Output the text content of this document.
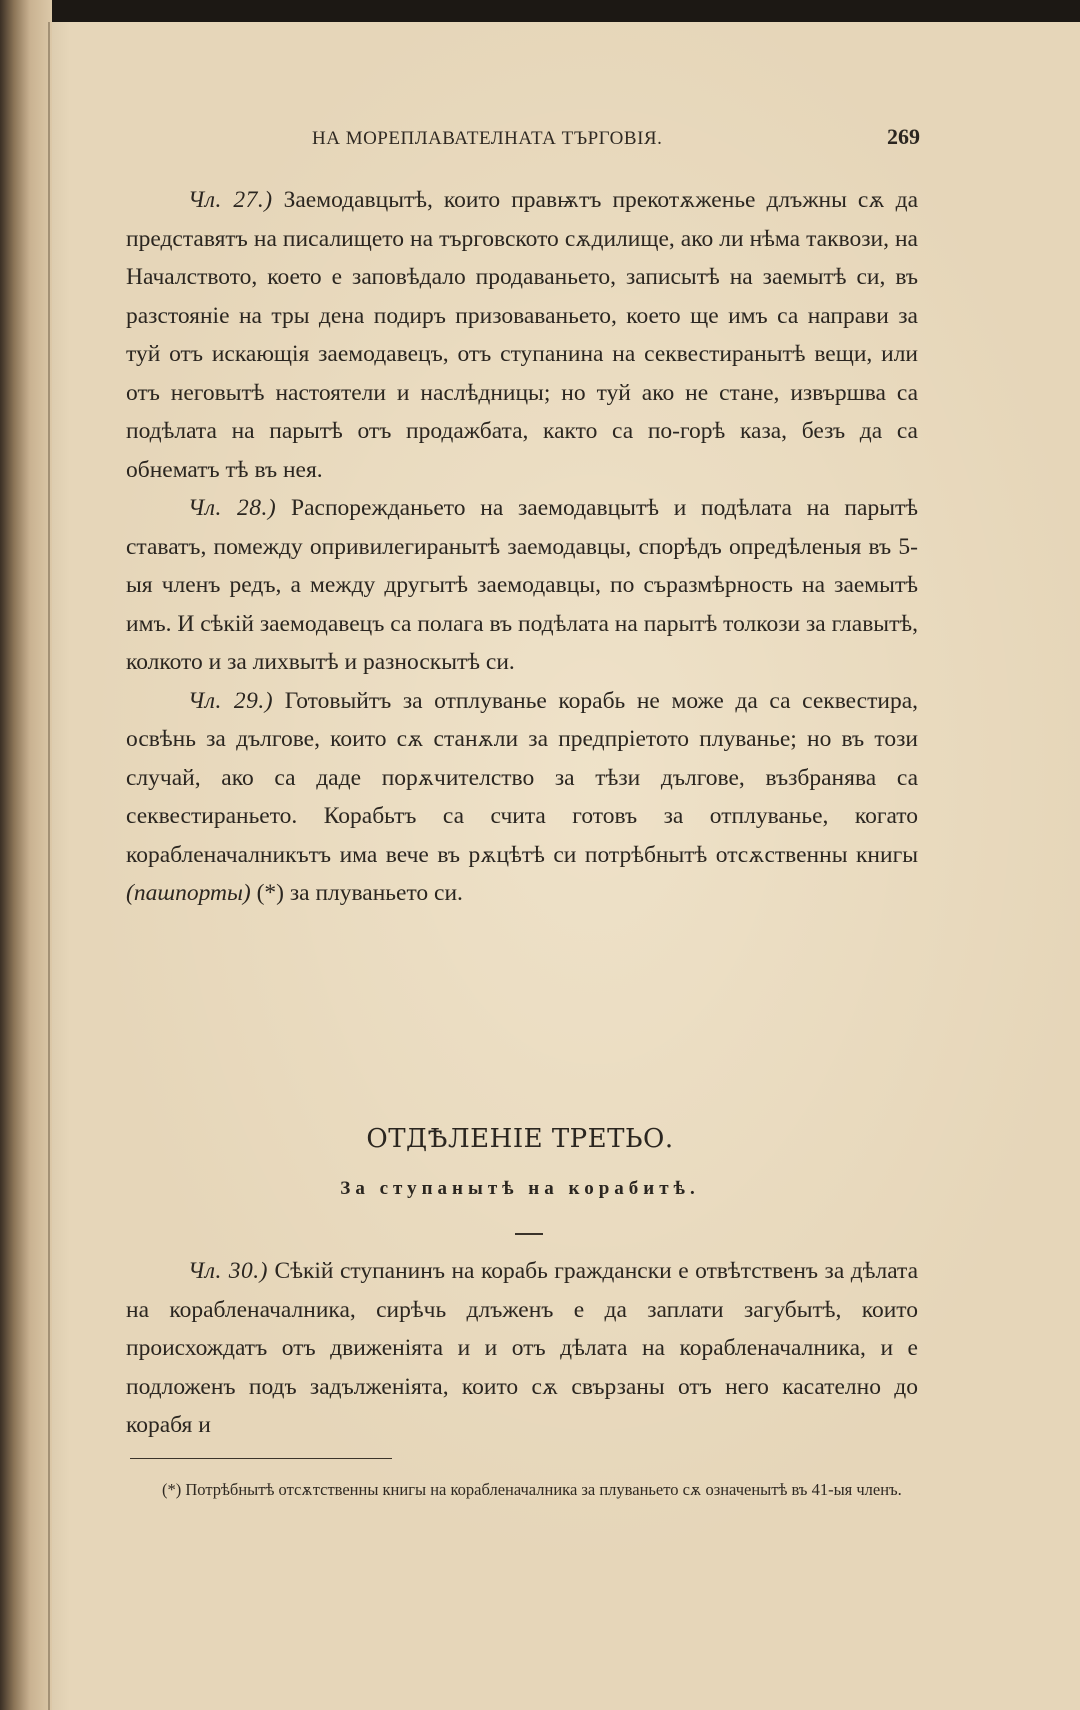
НА МОРЕПЛАВАТЕЛНАТА ТЪРГОВІЯ.	269

Чл. 27.) Заемодавцытѣ, които правѭтъ прекотѫженье длъжны сѫ да представятъ на писалището на търговското сѫдилище, ако ли нѣма таквози, на Началството, което е заповѣдало продаваньето, записытѣ на заемытѣ си, въ разстояніе на тры дена подиръ призоваваньето, което ще имъ са направи за туй отъ искающія заемодавецъ, отъ ступанина на секвестиранытѣ вещи, или отъ неговытѣ настоятели и наслѣдницы; но туй ако не стане, извършва са подѣлата на парытѣ отъ продажбата, както са по-горѣ каза, безъ да са обнематъ тѣ въ нея.

Чл. 28.) Распорежданьето на заемодавцытѣ и подѣлата на парытѣ ставатъ, помежду опривилегиранытѣ заемодавцы, спорѣдъ опредѣленыя въ 5-ыя членъ редъ, а между другытѣ заемодавцы, по съразмѣрность на заемытѣ имъ. И сѣкій заемодавецъ са полага въ подѣлата на парытѣ толкози за главытѣ, колкото и за лихвытѣ и разноскытѣ си.

Чл. 29.) Готовыйтъ за отплуванье корабь не може да са секвестира, освѣнь за дългове, които сѫ станѫли за предпріетото плуванье; но въ този случай, ако са даде порѫчителство за тѣзи дългове, възбранява са секвестираньето. Корабьтъ са счита готовъ за отплуванье, когато корабленачалникътъ има вече въ рѫцѣтѣ си потрѣбнытѣ отсѫственны книгы (пашпорты) (*) за плуваньето си.

ОТДѢЛЕНІЕ ТРЕТЬО.
За ступанытѣ на корабитѣ.

Чл. 30.) Сѣкій ступанинъ на корабь граждански е отвѣтственъ за дѣлата на корабленачалника, сирѣчь длъженъ е да заплати загубытѣ, които происхождатъ отъ движеніята и и отъ дѣлата на корабленачалника, и е подложенъ подъ задълженіята, които сѫ свързаны отъ него касателно до корабя и

(*) Потрѣбнытѣ отсѫтственны книгы на корабленачалника за плуваньето сѫ означенытѣ въ 41-ыя членъ.
